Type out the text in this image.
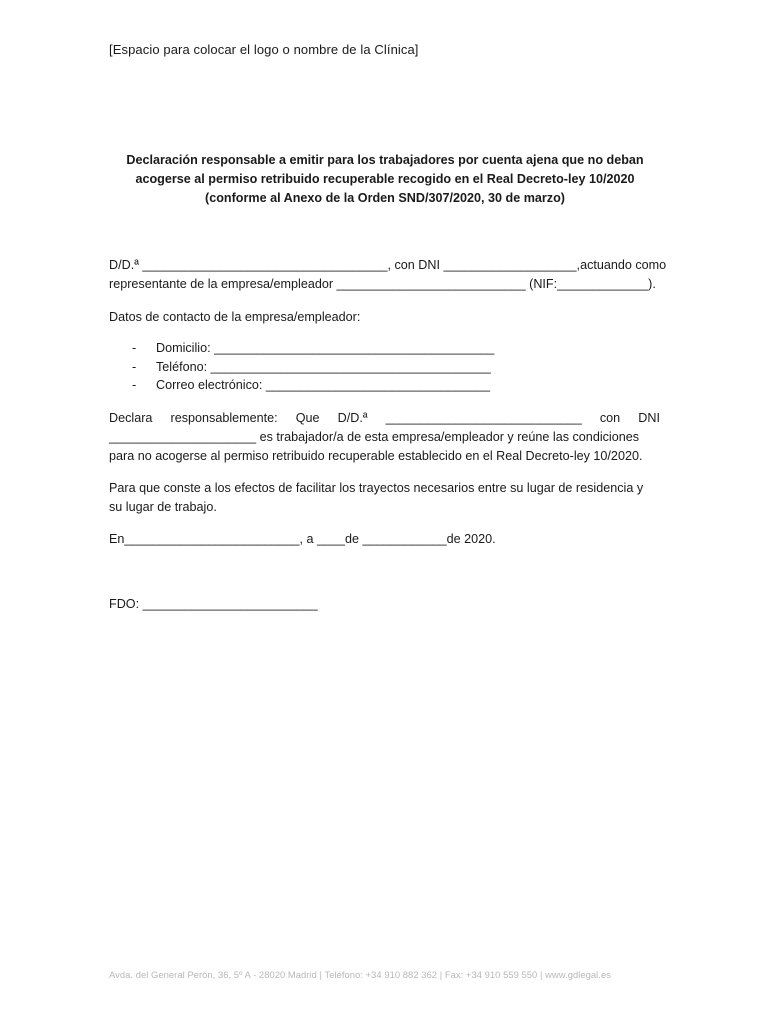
[Espacio para colocar el logo o nombre de la Clínica]
Declaración responsable a emitir para los trabajadores por cuenta ajena que no deban
acogerse al permiso retribuido recuperable recogido en el Real Decreto-ley 10/2020
(conforme al Anexo de la Orden SND/307/2020, 30 de marzo)
D/D.ª ___________________________________, con DNI ___________________, actuando como
representante de la empresa/empleador ___________________________ (NIF:_____________).
Datos de contacto de la empresa/empleador:
-	Domicilio: ________________________________________
-	Teléfono: ________________________________________
-	Correo electrónico: ________________________________
Declara responsablemente: Que D/D.ª ____________________________ con DNI
_____________________ es trabajador/a de esta empresa/empleador y reúne las condiciones
para no acogerse al permiso retribuido recuperable establecido en el Real Decreto-ley 10/2020.
Para que conste a los efectos de facilitar los trayectos necesarios entre su lugar de residencia y
su lugar de trabajo.
En_________________________, a ____de ____________de 2020.
FDO: _________________________
Avda. del General Perón, 36, 5º A - 28020 Madrid | Teléfono: +34 910 882 362 | Fax: +34 910 559 550 | www.gdlegal.es
